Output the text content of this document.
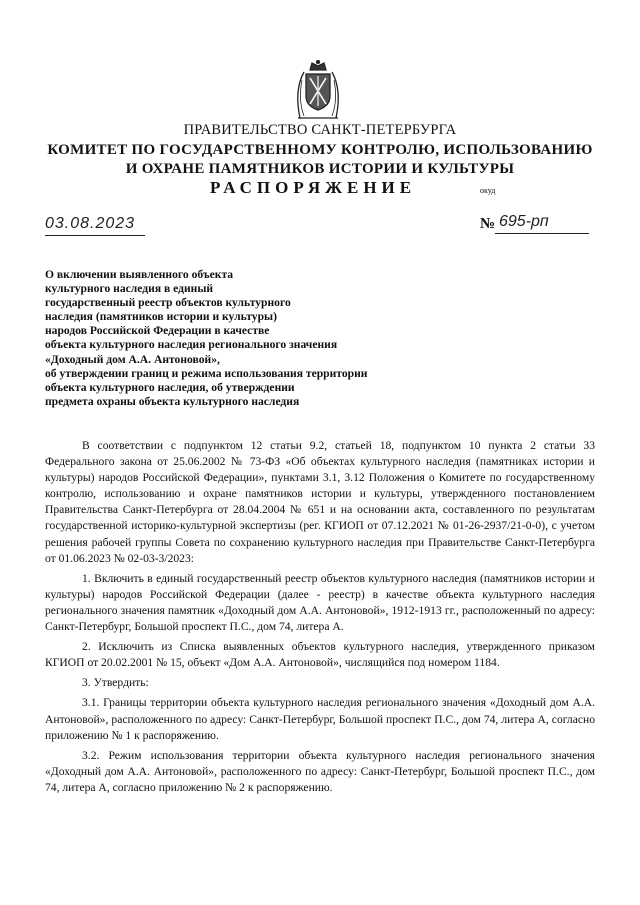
ПРАВИТЕЛЬСТВО САНКТ-ПЕТЕРБУРГА
КОМИТЕТ ПО ГОСУДАРСТВЕННОМУ КОНТРОЛЮ, ИСПОЛЬЗОВАНИЮ
И ОХРАНЕ ПАМЯТНИКОВ ИСТОРИИ И КУЛЬТУРЫ
РАСПОРЯЖЕНИЕ	окуд
03.08.2023	№ 695-рп
О включении выявленного объекта
культурного наследия в единый
государственный реестр объектов культурного
наследия (памятников истории и культуры)
народов Российской Федерации в качестве
объекта культурного наследия регионального значения
«Доходный дом А.А. Антоновой»,
об утверждении границ и режима использования территории
объекта культурного наследия, об утверждении
предмета охраны объекта культурного наследия

В соответствии с подпунктом 12 статьи 9.2, статьей 18, подпунктом 10 пункта 2 статьи 33 Федерального закона от 25.06.2002 № 73-ФЗ «Об объектах культурного наследия (памятниках истории и культуры) народов Российской Федерации», пунктами 3.1, 3.12 Положения о Комитете по государственному контролю, использованию и охране памятников истории и культуры, утвержденного постановлением Правительства Санкт-Петербурга от 28.04.2004 № 651 и на основании акта, составленного по результатам государственной историко-культурной экспертизы (рег. КГИОП от 07.12.2021 № 01-26-2937/21-0-0), с учетом решения рабочей группы Совета по сохранению культурного наследия при Правительстве Санкт-Петербурга от 01.06.2023 № 02-03-3/2023:

1. Включить в единый государственный реестр объектов культурного наследия (памятников истории и культуры) народов Российской Федерации (далее - реестр) в качестве объекта культурного наследия регионального значения памятник «Доходный дом А.А. Антоновой», 1912-1913 гг., расположенный по адресу: Санкт-Петербург, Большой проспект П.С., дом 74, литера А.

2. Исключить из Списка выявленных объектов культурного наследия, утвержденного приказом КГИОП от 20.02.2001 № 15, объект «Дом А.А. Антоновой», числящийся под номером 1184.

3. Утвердить:

3.1. Границы территории объекта культурного наследия регионального значения «Доходный дом А.А. Антоновой», расположенного по адресу: Санкт-Петербург, Большой проспект П.С., дом 74, литера А, согласно приложению № 1 к распоряжению.

3.2. Режим использования территории объекта культурного наследия регионального значения «Доходный дом А.А. Антоновой», расположенного по адресу: Санкт-Петербург, Большой проспект П.С., дом 74, литера А, согласно приложению № 2 к распоряжению.
